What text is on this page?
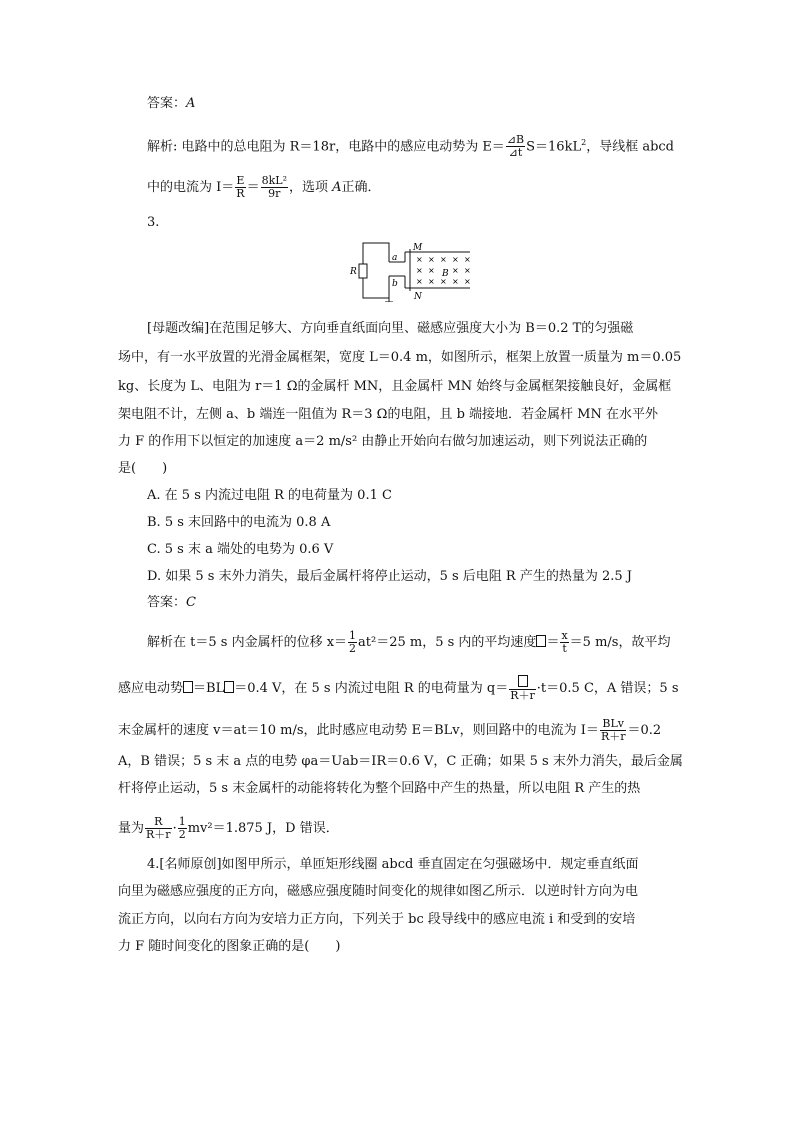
答案：A
解析: 电路中的总电阻为 R＝18r，电路中的感应电动势为 $E= \frac{⊿B}{⊿t} S=16kL^2$，导线框 abcd
中的电流为 $I= \frac{E}{R} = \frac{\text{8kL²}}{9r}$ ，选项 A正确．
3.
R
a
b
M
N
B
× × × × ×
× × × ×
× × × × ×
[母题改编]在范围足够大、方向垂直纸面向里、磁感应强度大小为 B＝0.2 T的匀强磁
场中，有一水平放置的光滑金属框架，宽度 L＝0.4 m，如图所示，框架上放置一质量为 m＝0.05
kg、长度为 L、电阻为 r＝1 Ω的金属杆 MN，且金属杆 MN 始终与金属框架接触良好，金属框
架电阻不计，左侧 a、b 端连一阻值为 R＝3 Ω的电阻，且 b 端接地．若金属杆 MN 在水平外
力 F 的作用下以恒定的加速度 a＝2 m/s² 由静止开始向右做匀加速运动，则下列说法正确的
是(　　)
A. 在 5 s 内流过电阻 R 的电荷量为 0.1 C
B. 5 s 末回路中的电流为 0.8 A
C. 5 s 末 a 端处的电势为 0.6 V
D. 如果 5 s 末外力消失，最后金属杆将停止运动，5 s 后电阻 R 产生的热量为 2.5 J
答案：C
解析在 t＝5 s 内金属杆的位移 $x= \frac{1}{2} at^2=25$ m，5 s 内的平均速度 ＝ $\frac{x}{t} =5$ m/s，故平均
感应电动势 ＝BL ＝0.4 V，在 5 s 内流过电阻 R 的电荷量为 q＝ R＋r ·t＝0.5 C，A 错误；5 s
末金属杆的速度 v＝at＝10 m/s，此时感应电动势 E＝BLv，则回路中的电流为 $I= \frac{\text{BLv}}{R+r} =0.2$
A，B 错误；5 s 末 a 点的电势 φa＝Uab＝IR＝0.6 V，C 正确；如果 5 s 末外力消失，最后金属
杆将停止运动，5 s 末金属杆的动能将转化为整个回路中产生的热量，所以电阻 R 产生的热
量为 $\frac{R}{R+r} \cdot \frac{1}{2} mv^2=1.875$ J，D 错误．
4.[名师原创]如图甲所示，单匝矩形线圈 abcd 垂直固定在匀强磁场中．规定垂直纸面
向里为磁感应强度的正方向，磁感应强度随时间变化的规律如图乙所示．以逆时针方向为电
流正方向，以向右方向为安培力正方向，下列关于 bc 段导线中的感应电流 i 和受到的安培
力 F 随时间变化的图象正确的是(　　)
